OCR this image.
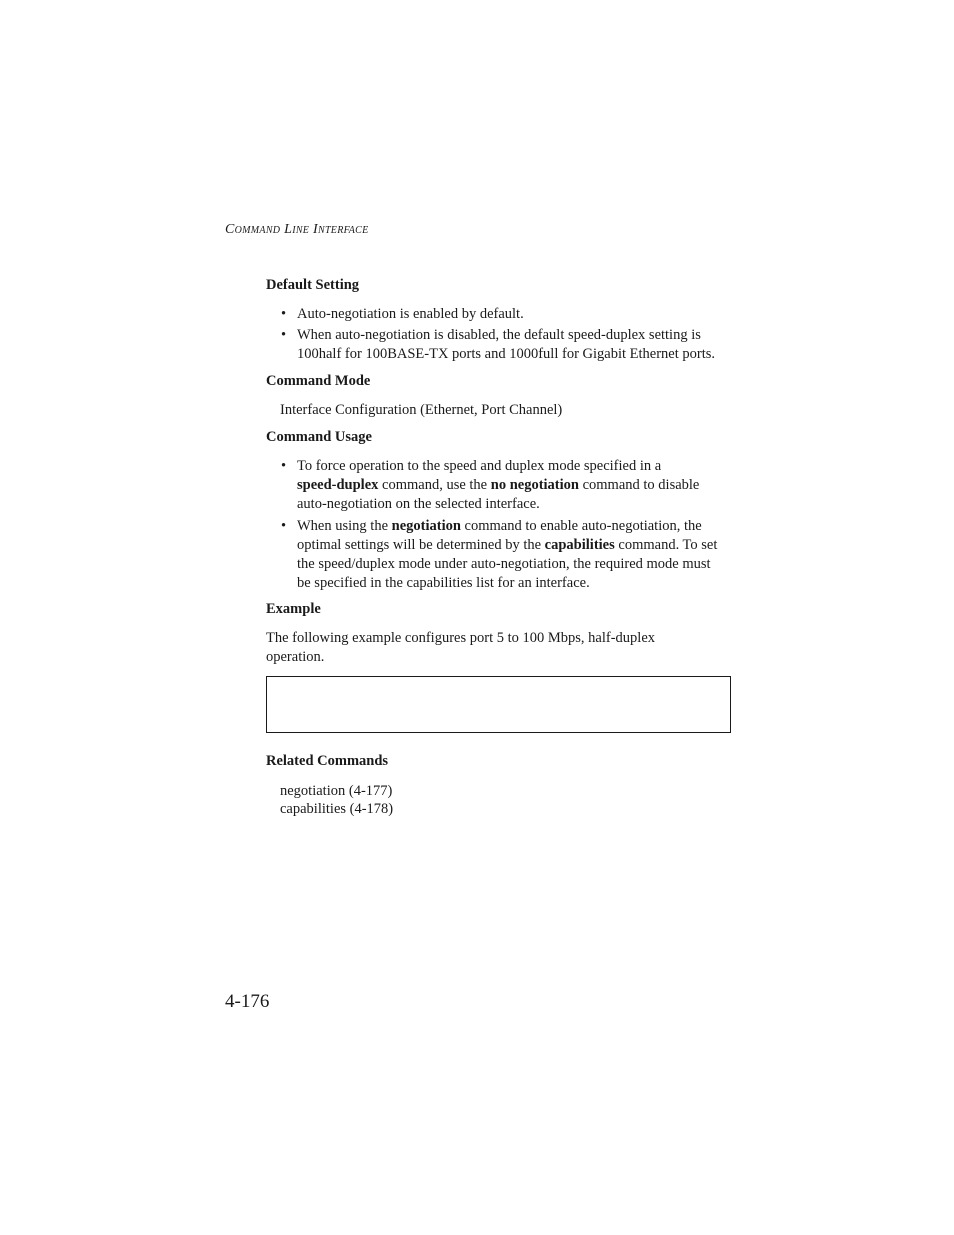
Command Line Interface
Default Setting
• Auto-negotiation is enabled by default.
• When auto-negotiation is disabled, the default speed-duplex setting is
100half for 100BASE-TX ports and 1000full for Gigabit Ethernet ports.
Command Mode
Interface Configuration (Ethernet, Port Channel)
Command Usage
• To force operation to the speed and duplex mode specified in a
speed-duplex command, use the no negotiation command to disable
auto-negotiation on the selected interface.
• When using the negotiation command to enable auto-negotiation, the
optimal settings will be determined by the capabilities command. To set
the speed/duplex mode under auto-negotiation, the required mode must
be specified in the capabilities list for an interface.
Example
The following example configures port 5 to 100 Mbps, half-duplex
operation.
Related Commands
negotiation (4-177)
capabilities (4-178)
4-176
